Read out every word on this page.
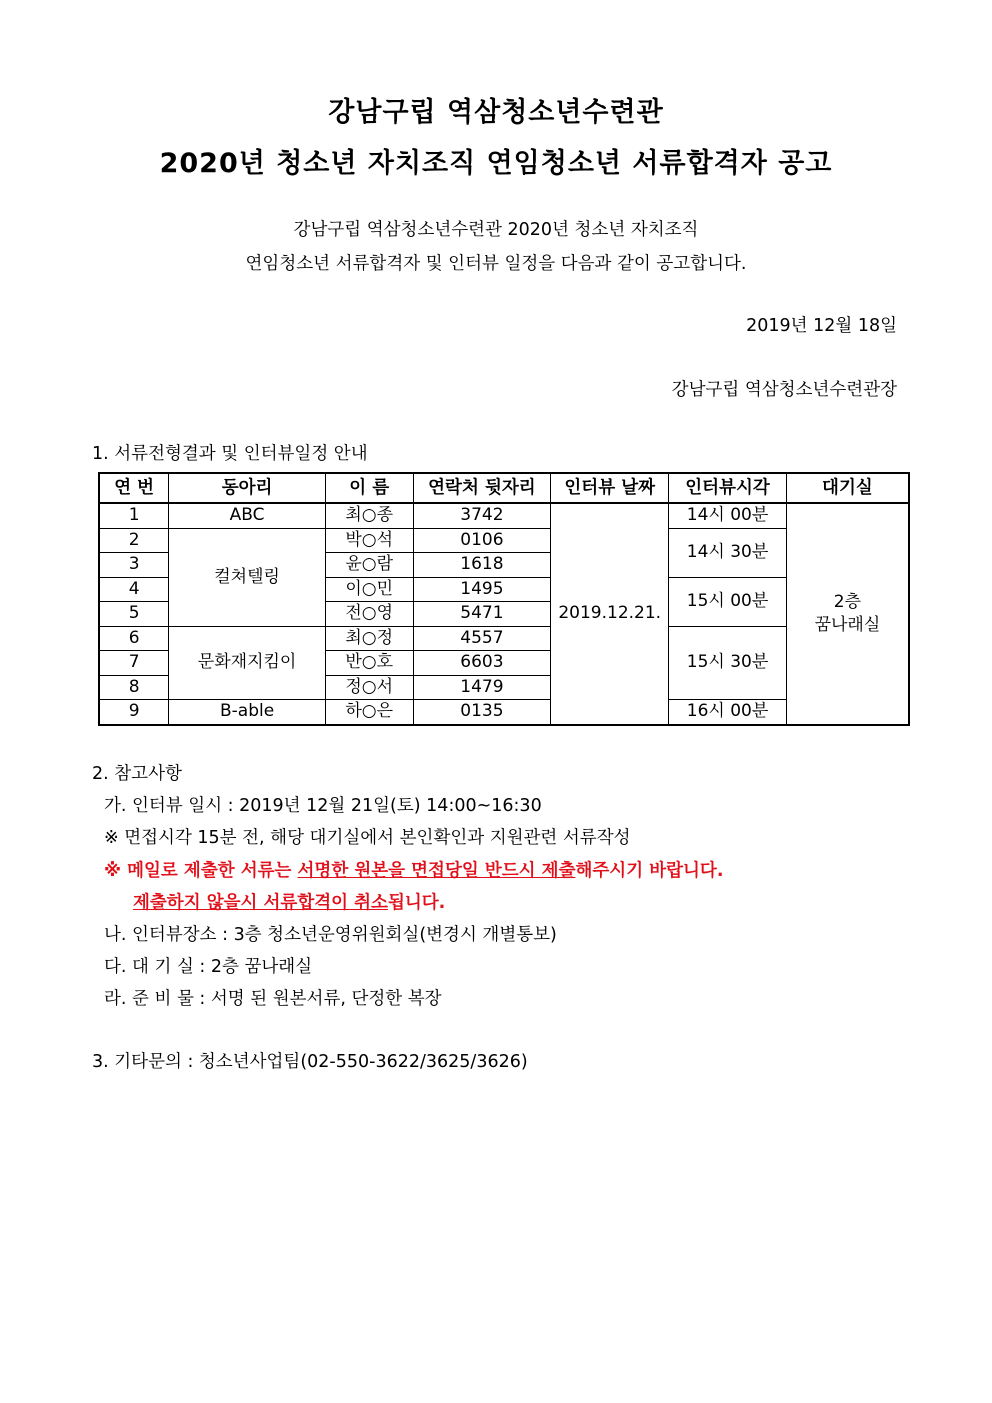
강남구립 역삼청소년수련관
2020년 청소년 자치조직 연임청소년 서류합격자 공고
강남구립 역삼청소년수련관 2020년 청소년 자치조직
연임청소년 서류합격자 및 인터뷰 일정을 다음과 같이 공고합니다.
2019년 12월 18일
강남구립 역삼청소년수련관장
1. 서류전형결과 및 인터뷰일정 안내
연 번	동아리	이 름	연락처 뒷자리	인터뷰 날짜	인터뷰시각	대기실
1	ABC	최○종	3742	2019.12.21.	14시 00분	2층
꿈나래실

2	컬쳐텔링	박○석	0106		14시 30분	
3		윤○람	1618			
4		이○민	1495		15시 00분	
5		전○영	5471			
6	문화재지킴이	최○정	4557		15시 30분	
7		반○호	6603			
8		정○서	1479			
9	B-able	하○은	0135		16시 00분	
2. 참고사항
가. 인터뷰 일시 : 2019년 12월 21일(토) 14:00~16:30
※ 면접시각 15분 전, 해당 대기실에서 본인확인과 지원관련 서류작성
※ 메일로 제출한 서류는 서명한 원본을 면접당일 반드시 제출해주시기 바랍니다.
제출하지 않을시 서류합격이 취소됩니다.
나. 인터뷰장소 : 3층 청소년운영위원회실(변경시 개별통보)
다. 대 기 실 : 2층 꿈나래실
라. 준 비 물 : 서명 된 원본서류, 단정한 복장
3. 기타문의 : 청소년사업팀(02-550-3622/3625/3626)
